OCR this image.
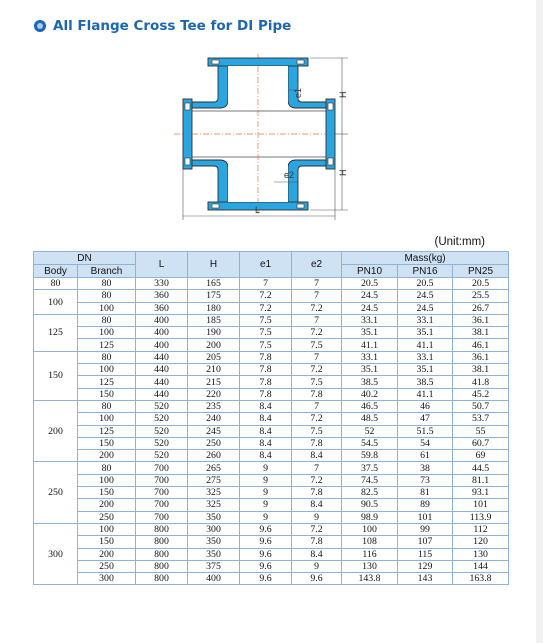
All Flange Cross Tee for DI Pipe
e1
e2
H
H
L
(Unit:mm)
DN		L	H	e1	e2	Mass(kg)		
Body	Branch					PN10	PN16	PN25
80	80	330	165	7	7	20.5	20.5	20.5
100	80	360	175	7.2	7	24.5	24.5	25.5
	100	360	180	7.2	7.2	24.5	24.5	26.7
125	80	400	185	7.5	7	33.1	33.1	36.1
	100	400	190	7.5	7.2	35.1	35.1	38.1
	125	400	200	7.5	7.5	41.1	41.1	46.1
150	80	440	205	7.8	7	33.1	33.1	36.1
	100	440	210	7.8	7.2	35.1	35.1	38.1
	125	440	215	7.8	7.5	38.5	38.5	41.8
	150	440	220	7.8	7.8	40.2	41.1	45.2
200	80	520	235	8.4	7	46.5	46	50.7
	100	520	240	8.4	7.2	48.5	47	53.7
	125	520	245	8.4	7.5	52	51.5	55
	150	520	250	8.4	7.8	54.5	54	60.7
	200	520	260	8.4	8.4	59.8	61	69
250	80	700	265	9	7	37.5	38	44.5
	100	700	275	9	7.2	74.5	73	81.1
	150	700	325	9	7.8	82.5	81	93.1
	200	700	325	9	8.4	90.5	89	101
	250	700	350	9	9	98.9	101	113.9
300	100	800	300	9.6	7.2	100	99	112
	150	800	350	9.6	7.8	108	107	120
	200	800	350	9.6	8.4	116	115	130
	250	800	375	9.6	9	130	129	144
	300	800	400	9.6	9.6	143.8	143	163.8
